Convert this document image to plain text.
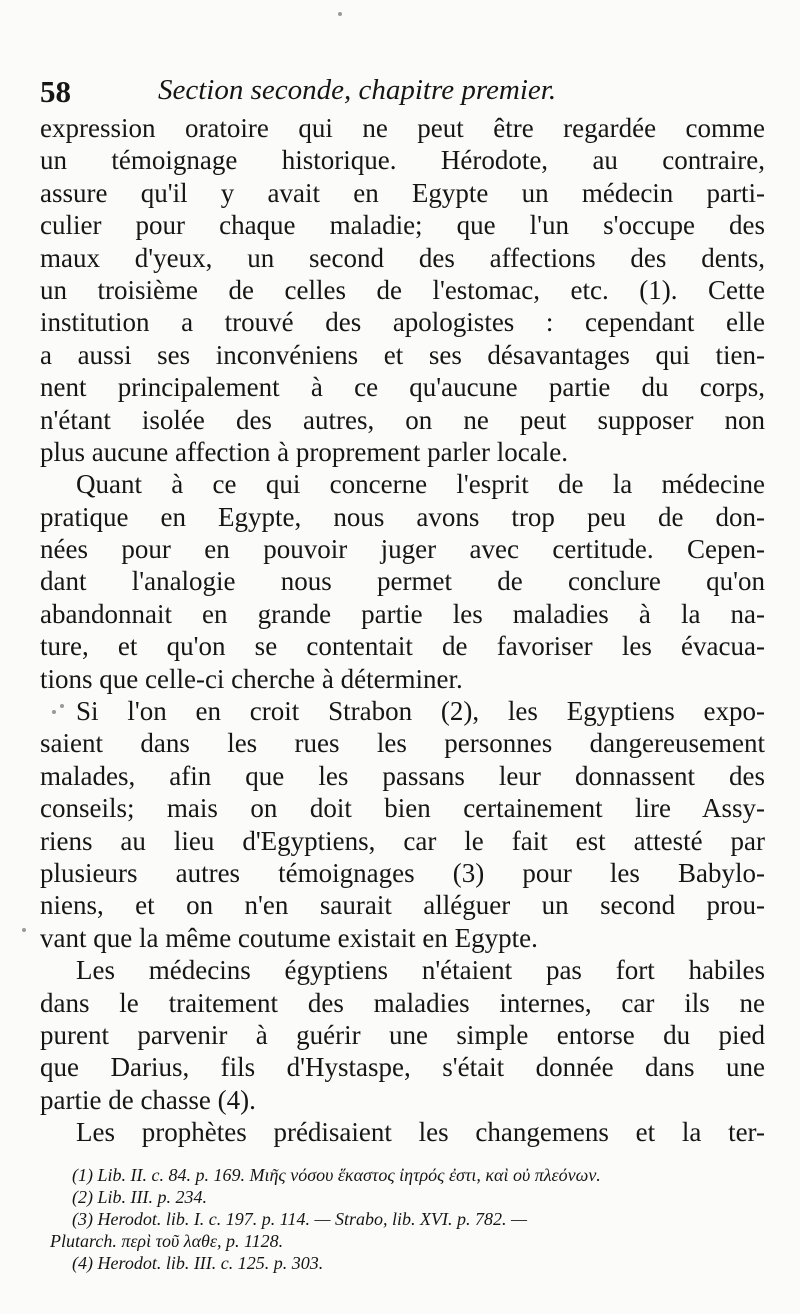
58	Section seconde, chapitre premier.
expression oratoire qui ne peut être regardée comme
un témoignage historique. Hérodote, au contraire,
assure qu'il y avait en Egypte un médecin parti-
culier pour chaque maladie; que l'un s'occupe des
maux d'yeux, un second des affections des dents,
un troisième de celles de l'estomac, etc. (1). Cette
institution a trouvé des apologistes : cependant elle
a aussi ses inconvéniens et ses désavantages qui tien-
nent principalement à ce qu'aucune partie du corps,
n'étant isolée des autres, on ne peut supposer non
plus aucune affection à proprement parler locale.
Quant à ce qui concerne l'esprit de la médecine
pratique en Egypte, nous avons trop peu de don-
nées pour en pouvoir juger avec certitude. Cepen-
dant l'analogie nous permet de conclure qu'on
abandonnait en grande partie les maladies à la na-
ture, et qu'on se contentait de favoriser les évacua-
tions que celle-ci cherche à déterminer.
Si l'on en croit Strabon (2), les Egyptiens expo-
saient dans les rues les personnes dangereusement
malades, afin que les passans leur donnassent des
conseils; mais on doit bien certainement lire Assy-
riens au lieu d'Egyptiens, car le fait est attesté par
plusieurs autres témoignages (3) pour les Babylo-
niens, et on n'en saurait alléguer un second prou-
vant que la même coutume existait en Egypte.
Les médecins égyptiens n'étaient pas fort habiles
dans le traitement des maladies internes, car ils ne
purent parvenir à guérir une simple entorse du pied
que Darius, fils d'Hystaspe, s'était donnée dans une
partie de chasse (4).
Les prophètes prédisaient les changemens et la ter-
(1) Lib. II. c. 84. p. 169. Μιῆς νόσου ἕκαστος ἰητρός ἐστι, καὶ οὐ πλεόνων.
(2) Lib. III. p. 234.
(3) Herodot. lib. I. c. 197. p. 114. — Strabo, lib. XVI. p. 782. —
Plutarch. περὶ τοῦ λαθε, p. 1128.
(4) Herodot. lib. III. c. 125. p. 303.
